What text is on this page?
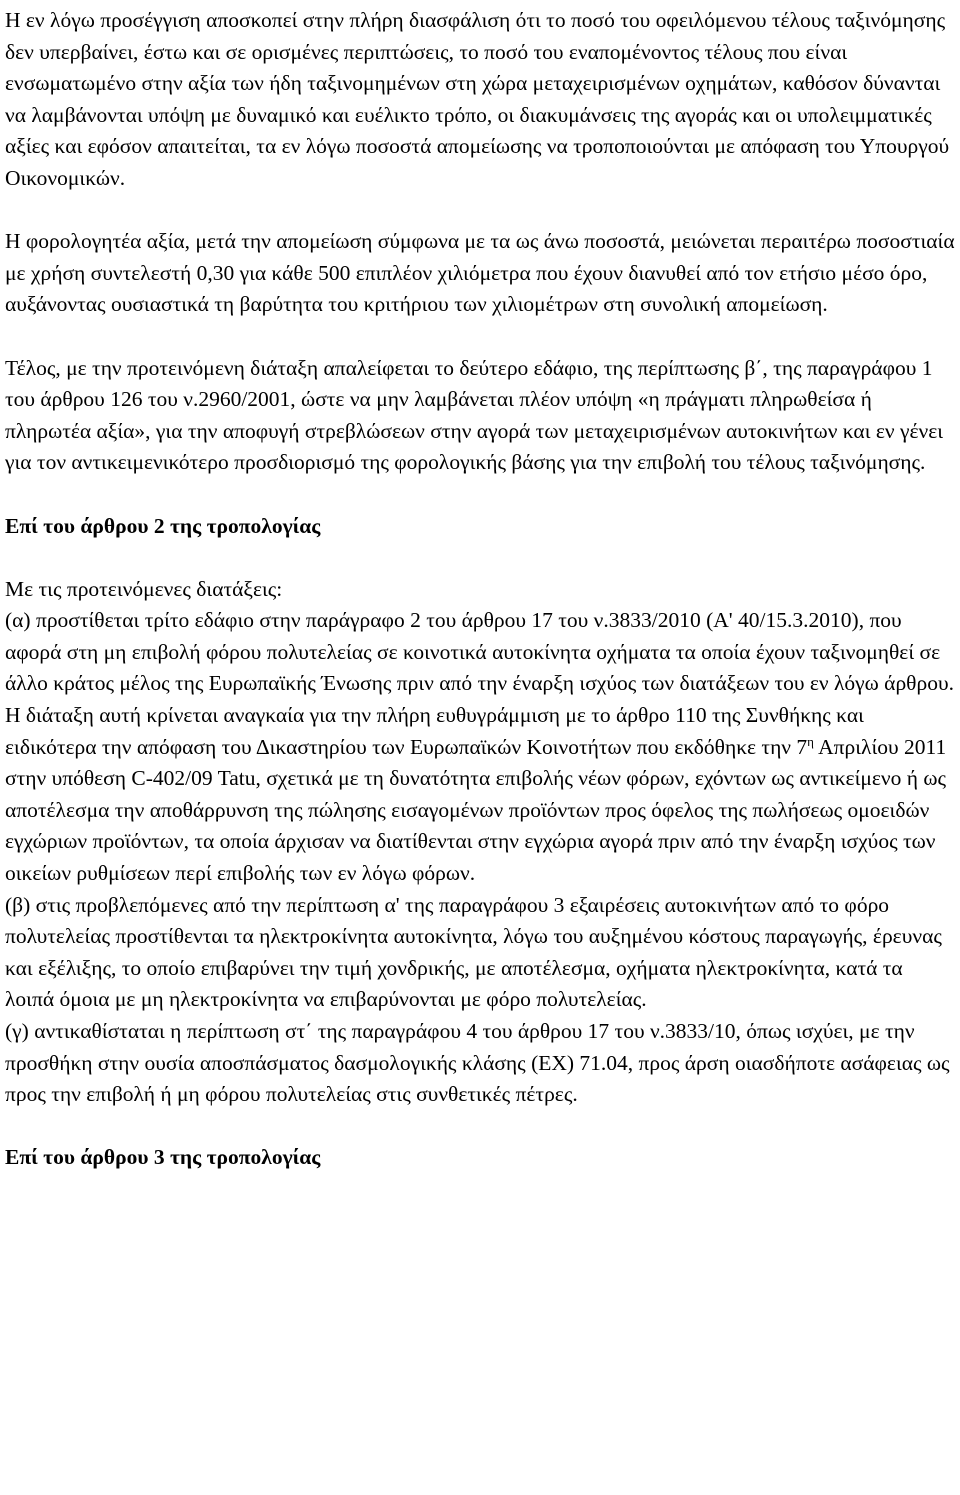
Η εν λόγω προσέγγιση αποσκοπεί στην πλήρη διασφάλιση ότι το ποσό του οφειλόμενου τέλους ταξινόμησης δεν υπερβαίνει, έστω και σε ορισμένες περιπτώσεις, το ποσό του εναπομένοντος τέλους που είναι ενσωματωμένο στην αξία των ήδη ταξινομημένων στη χώρα μεταχειρισμένων οχημάτων, καθόσον δύνανται να λαμβάνονται υπόψη με δυναμικό και ευέλικτο τρόπο, οι διακυμάνσεις της αγοράς και οι υπολειμματικές αξίες και εφόσον απαιτείται, τα εν λόγω ποσοστά απομείωσης να τροποποιούνται με απόφαση του Υπουργού Οικονομικών.

Η φορολογητέα αξία, μετά την απομείωση σύμφωνα με τα ως άνω ποσοστά, μειώνεται περαιτέρω ποσοστιαία με χρήση συντελεστή 0,30 για κάθε 500 επιπλέον χιλιόμετρα που έχουν διανυθεί από τον ετήσιο μέσο όρο, αυξάνοντας ουσιαστικά τη βαρύτητα του κριτήριου των χιλιομέτρων στη συνολική απομείωση.

Τέλος, με την προτεινόμενη διάταξη απαλείφεται το δεύτερο εδάφιο, της περίπτωσης β΄, της παραγράφου 1 του άρθρου 126 του ν.2960/2001, ώστε να μην λαμβάνεται πλέον υπόψη «η πράγματι πληρωθείσα ή πληρωτέα αξία», για την αποφυγή στρεβλώσεων στην αγορά των μεταχειρισμένων αυτοκινήτων και εν γένει για τον αντικειμενικότερο προσδιορισμό της φορολογικής βάσης για την επιβολή του τέλους ταξινόμησης.

Επί του άρθρου 2 της τροπολογίας

Με τις προτεινόμενες διατάξεις:

(α) προστίθεται τρίτο εδάφιο στην παράγραφο 2 του άρθρου 17 του ν.3833/2010 (Α' 40/15.3.2010), που αφορά στη μη επιβολή φόρου πολυτελείας σε κοινοτικά αυτοκίνητα οχήματα τα οποία έχουν ταξινομηθεί σε άλλο κράτος μέλος της Ευρωπαϊκής Ένωσης πριν από την έναρξη ισχύος των διατάξεων του εν λόγω άρθρου.

Η διάταξη αυτή κρίνεται αναγκαία για την πλήρη ευθυγράμμιση με το άρθρο 110 της Συνθήκης και ειδικότερα την απόφαση του Δικαστηρίου των Ευρωπαϊκών Κοινοτήτων που εκδόθηκε την $7^\eta$ Απριλίου 2011 στην υπόθεση C-402/09 Tatu, σχετικά με τη δυνατότητα επιβολής νέων φόρων, εχόντων ως αντικείμενο ή ως αποτέλεσμα την αποθάρρυνση της πώλησης εισαγομένων προϊόντων προς όφελος της πωλήσεως ομοειδών εγχώριων προϊόντων, τα οποία άρχισαν να διατίθενται στην εγχώρια αγορά πριν από την έναρξη ισχύος των οικείων ρυθμίσεων περί επιβολής των εν λόγω φόρων.

(β) στις προβλεπόμενες από την περίπτωση α' της παραγράφου 3 εξαιρέσεις αυτοκινήτων από το φόρο πολυτελείας προστίθενται τα ηλεκτροκίνητα αυτοκίνητα, λόγω του αυξημένου κόστους παραγωγής, έρευνας και εξέλιξης, το οποίο επιβαρύνει την τιμή χονδρικής, με αποτέλεσμα, οχήματα ηλεκτροκίνητα, κατά τα λοιπά όμοια με μη ηλεκτροκίνητα να επιβαρύνονται με φόρο πολυτελείας.

(γ) αντικαθίσταται η περίπτωση στ΄ της παραγράφου 4 του άρθρου 17 του ν.3833/10, όπως ισχύει, με την προσθήκη στην ουσία αποσπάσματος δασμολογικής κλάσης (ΕΧ) 71.04, προς άρση οιασδήποτε ασάφειας ως προς την επιβολή ή μη φόρου πολυτελείας στις συνθετικές πέτρες.

Επί του άρθρου 3 της τροπολογίας
